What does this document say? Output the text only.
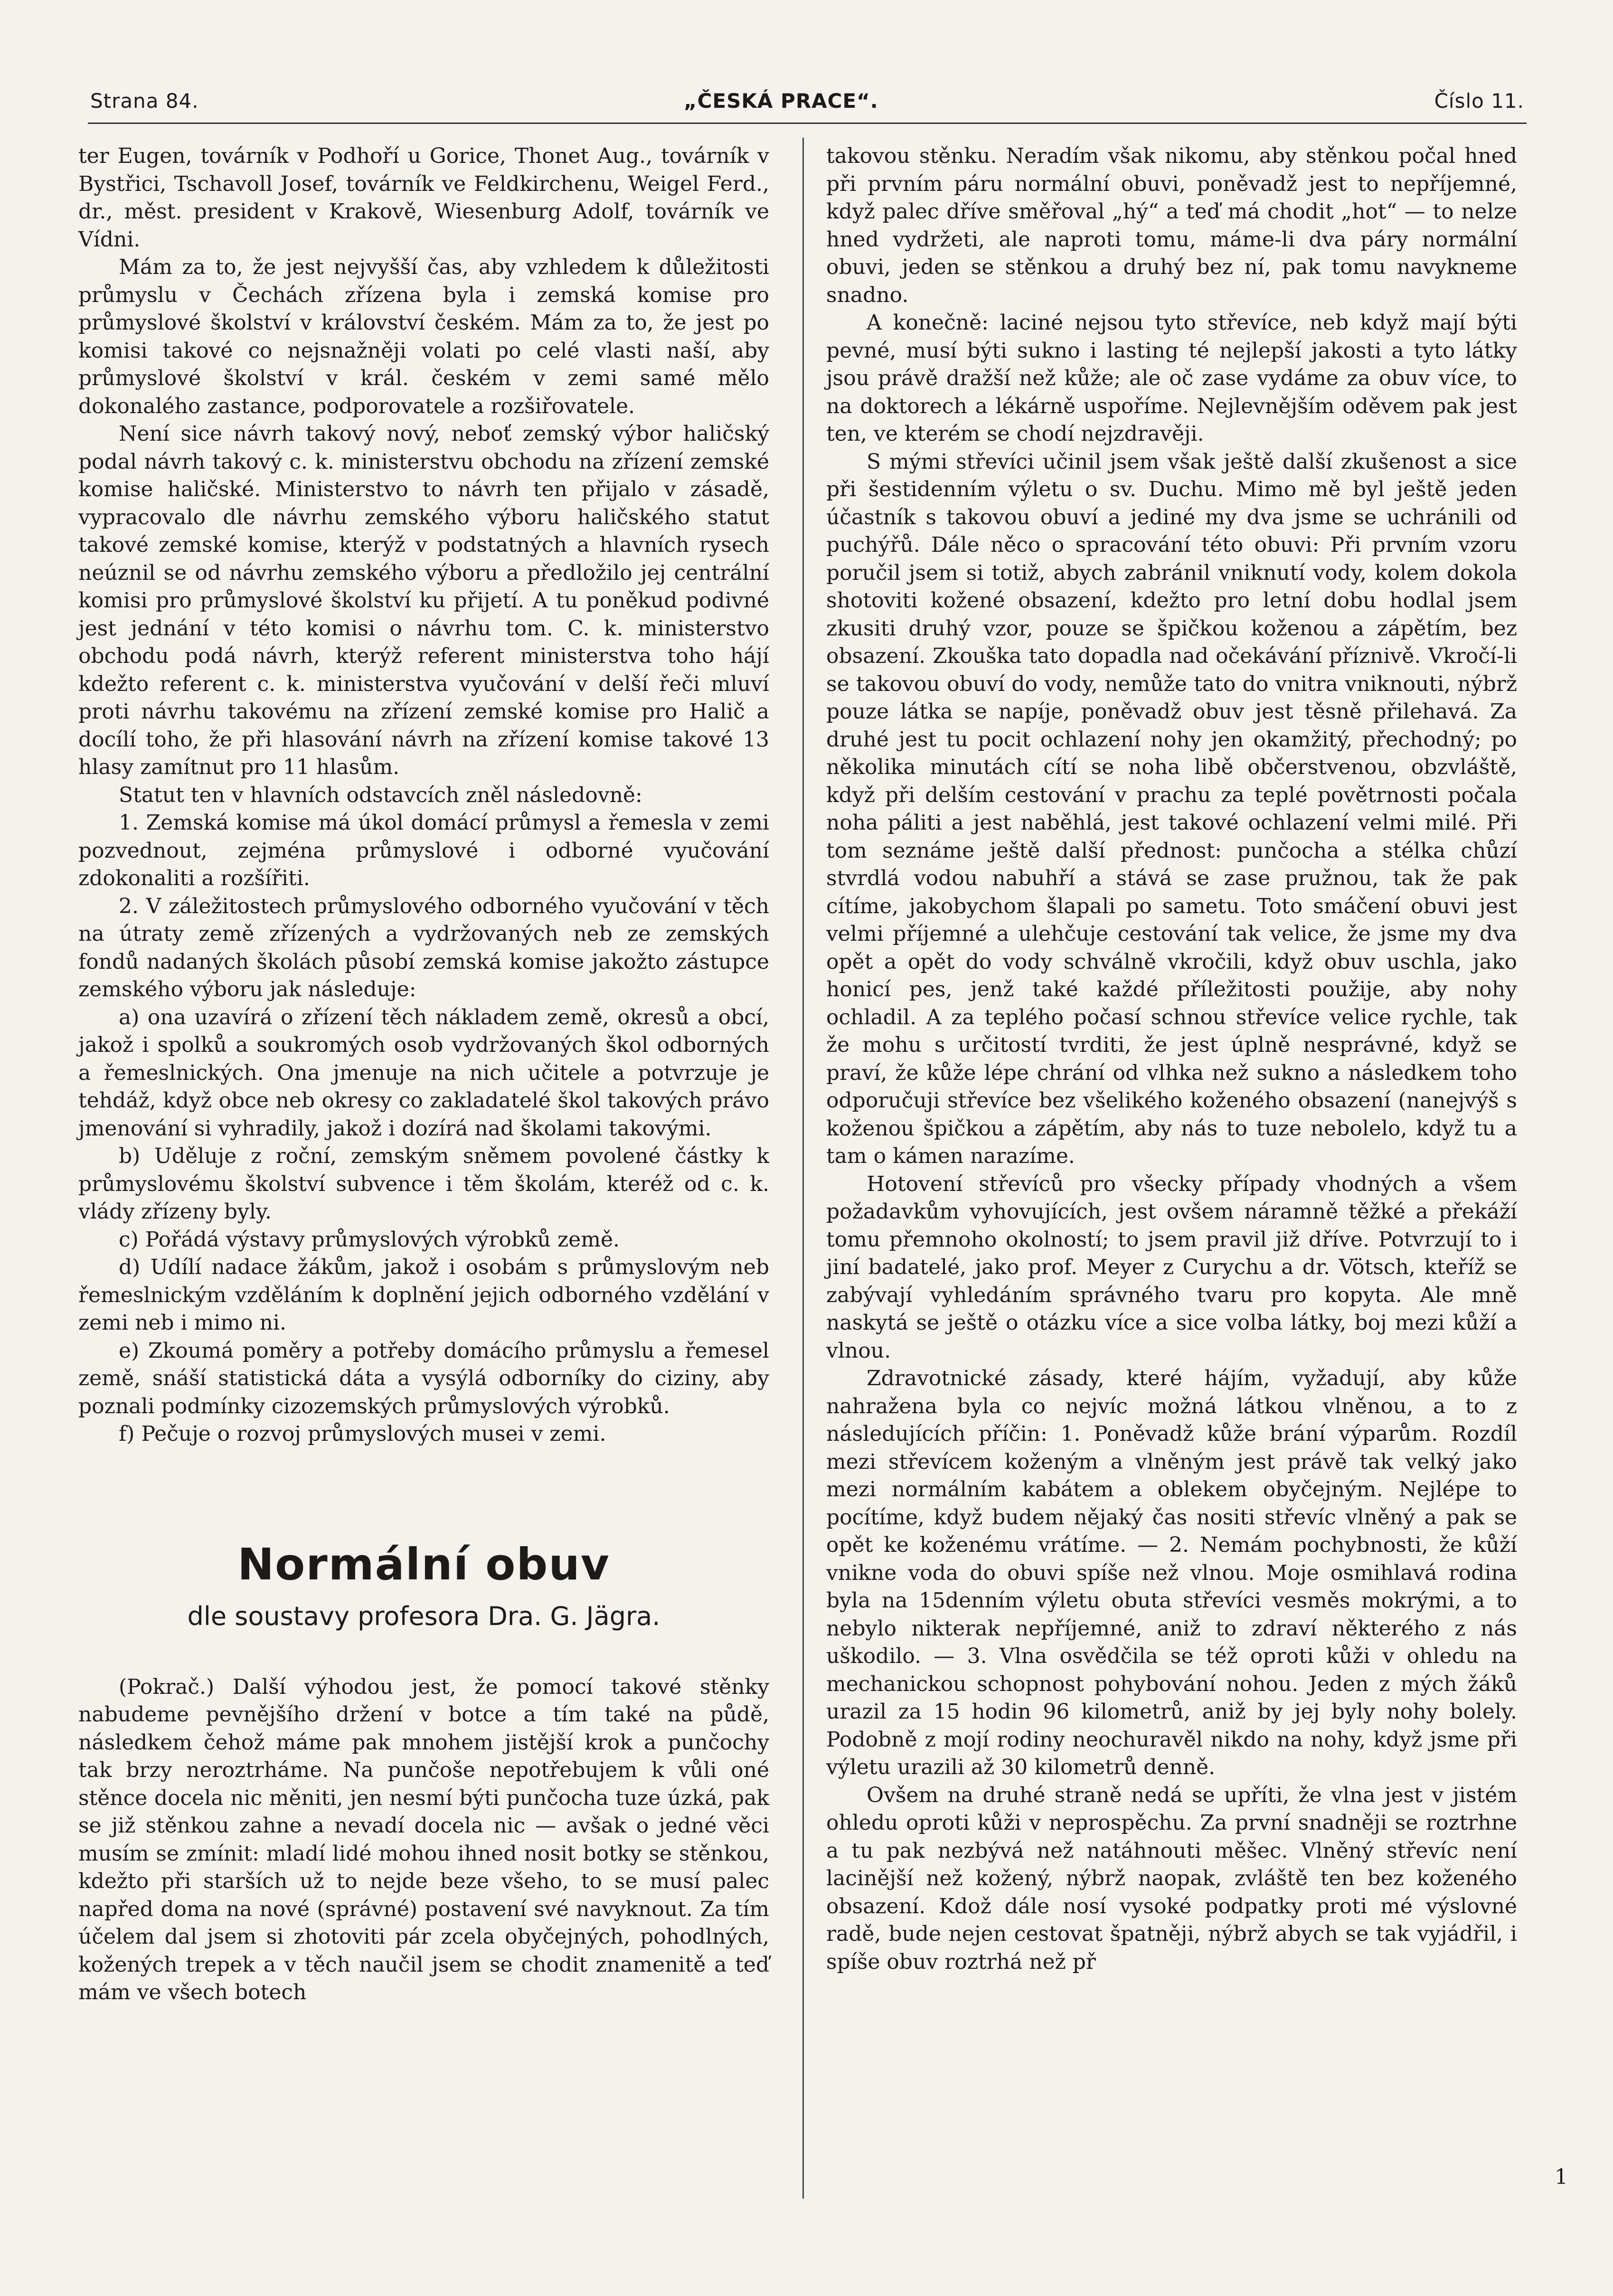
Strana 84.	„ČESKÁ PRACE“.	Číslo 11.

ter Eugen, továrník v Podhoří u Gorice, Thonet Aug., továrník v Bystřici, Tschavoll Josef, továrník ve Feldkirchenu, Weigel Ferd., dr., měst. president v Krakově, Wiesenburg Adolf, továrník ve Vídni.

Mám za to, že jest nejvyšší čas, aby vzhledem k důležitosti průmyslu v Čechách zřízena byla i zemská komise pro průmyslové školství v království českém. Mám za to, že jest po komisi takové co nejsnažněji volati po celé vlasti naší, aby průmyslové školství v král. českém v zemi samé mělo dokonalého zastance, podporovatele a rozšiřovatele.

Není sice návrh takový nový, neboť zemský výbor haličský podal návrh takový c. k. ministerstvu obchodu na zřízení zemské komise haličské. Ministerstvo to návrh ten přijalo v zásadě, vypracovalo dle návrhu zemského výboru haličského statut takové zemské komise, kterýž v podstatných a hlavních rysech neúznil se od návrhu zemského výboru a předložilo jej centrální komisi pro průmyslové školství ku přijetí. A tu poněkud podivné jest jednání v této komisi o návrhu tom. C. k. ministerstvo obchodu podá návrh, kterýž referent ministerstva toho hájí kdežto referent c. k. ministerstva vyučování v delší řeči mluví proti návrhu takovému na zřízení zemské komise pro Halič a docílí toho, že při hlasování návrh na zřízení komise takové 13 hlasy zamítnut pro 11 hlasům.

Statut ten v hlavních odstavcích zněl následovně:

1. Zemská komise má úkol domácí průmysl a řemesla v zemi pozvednout, zejména průmyslové i odborné vyučování zdokonaliti a rozšířiti.

2. V záležitostech průmyslového odborného vyučování v těch na útraty země zřízených a vydržovaných neb ze zemských fondů nadaných školách působí zemská komise jakožto zástupce zemského výboru jak následuje:

a) ona uzavírá o zřízení těch nákladem země, okresů a obcí, jakož i spolků a soukromých osob vydržovaných škol odborných a řemeslnických. Ona jmenuje na nich učitele a potvrzuje je tehdáž, když obce neb okresy co zakladatelé škol takových právo jmenování si vyhradily, jakož i dozírá nad školami takovými.

b) Uděluje z roční, zemským sněmem povolené částky k průmyslovému školství subvence i těm školám, kteréž od c. k. vlády zřízeny byly.

c) Pořádá výstavy průmyslových výrobků země.

d) Udílí nadace žákům, jakož i osobám s průmyslovým neb řemeslnickým vzděláním k doplnění jejich odborného vzdělání v zemi neb i mimo ni.

e) Zkoumá poměry a potřeby domácího průmyslu a řemesel země, snáší statistická dáta a vysýlá odborníky do ciziny, aby poznali podmínky cizozemských průmyslových výrobků.

f) Pečuje o rozvoj průmyslových musei v zemi.

Normální obuv
dle soustavy profesora Dra. G. Jägra.

(Pokrač.) Další výhodou jest, že pomocí takové stěnky nabudeme pevnějšího držení v botce a tím také na půdě, následkem čehož máme pak mnohem jistější krok a punčochy tak brzy neroztrháme. Na punčoše nepotřebujem k vůli oné stěnce docela nic měniti, jen nesmí býti punčocha tuze úzká, pak se již stěnkou zahne a nevadí docela nic — avšak o jedné věci musím se zmínit: mladí lidé mohou ihned nosit botky se stěnkou, kdežto při starších už to nejde beze všeho, to se musí palec napřed doma na nové (správné) postavení své navyknout. Za tím účelem dal jsem si zhotoviti pár zcela obyčejných, pohodlných, kožených trepek a v těch naučil jsem se chodit znamenitě a teď mám ve všech botech

takovou stěnku. Neradím však nikomu, aby stěnkou počal hned při prvním páru normální obuvi, poněvadž jest to nepříjemné, když palec dříve směřoval „hý“ a teď má chodit „hot“ — to nelze hned vydržeti, ale naproti tomu, máme-li dva páry normální obuvi, jeden se stěnkou a druhý bez ní, pak tomu navykneme snadno.

A konečně: laciné nejsou tyto střevíce, neb když mají býti pevné, musí býti sukno i lasting té nejlepší jakosti a tyto látky jsou právě dražší než kůže; ale oč zase vydáme za obuv více, to na doktorech a lékárně uspoříme. Nejlevnějším oděvem pak jest ten, ve kterém se chodí nejzdravěji.

S mými střevíci učinil jsem však ještě další zkušenost a sice při šestidenním výletu o sv. Duchu. Mimo mě byl ještě jeden účastník s takovou obuví a jediné my dva jsme se uchránili od puchýřů. Dále něco o spracování této obuvi: Při prvním vzoru poručil jsem si totiž, abych zabránil vniknutí vody, kolem dokola shotoviti kožené obsazení, kdežto pro letní dobu hodlal jsem zkusiti druhý vzor, pouze se špičkou koženou a zápětím, bez obsazení. Zkouška tato dopadla nad očekávání příznivě. Vkročí-li se takovou obuví do vody, nemůže tato do vnitra vniknouti, nýbrž pouze látka se napíje, poněvadž obuv jest těsně přilehavá. Za druhé jest tu pocit ochlazení nohy jen okamžitý, přechodný; po několika minutách cítí se noha libě občerstvenou, obzvláště, když při delším cestování v prachu za teplé povětrnosti počala noha páliti a jest naběhlá, jest takové ochlazení velmi milé. Při tom seznáme ještě další přednost: punčocha a stélka chůzí stvrdlá vodou nabuhří a stává se zase pružnou, tak že pak cítíme, jakobychom šlapali po sametu. Toto smáčení obuvi jest velmi příjemné a ulehčuje cestování tak velice, že jsme my dva opět a opět do vody schválně vkročili, když obuv uschla, jako honicí pes, jenž také každé příležitosti použije, aby nohy ochladil. A za teplého počasí schnou střevíce velice rychle, tak že mohu s určitostí tvrditi, že jest úplně nesprávné, když se praví, že kůže lépe chrání od vlhka než sukno a následkem toho odporučuji střevíce bez všelikého koženého obsazení (nanejvýš s koženou špičkou a zápětím, aby nás to tuze nebolelo, když tu a tam o kámen narazíme.

Hotovení střevíců pro všecky případy vhodných a všem požadavkům vyhovujících, jest ovšem náramně těžké a překáží tomu přemnoho okolností; to jsem pravil již dříve. Potvrzují to i jiní badatelé, jako prof. Meyer z Curychu a dr. Vötsch, kteříž se zabývají vyhledáním správného tvaru pro kopyta. Ale mně naskytá se ještě o otázku více a sice volba látky, boj mezi kůží a vlnou.

Zdravotnické zásady, které hájím, vyžadují, aby kůže nahražena byla co nejvíc možná látkou vlněnou, a to z následujících příčin: 1. Poněvadž kůže brání výparům. Rozdíl mezi střevícem koženým a vlněným jest právě tak velký jako mezi normálním kabátem a oblekem obyčejným. Nejlépe to pocítíme, když budem nějaký čas nositi střevíc vlněný a pak se opět ke koženému vrátíme. — 2. Nemám pochybnosti, že kůží vnikne voda do obuvi spíše než vlnou. Moje osmihlavá rodina byla na 15denním výletu obuta střevíci vesměs mokrými, a to nebylo nikterak nepříjemné, aniž to zdraví některého z nás uškodilo. — 3. Vlna osvědčila se též oproti kůži v ohledu na mechanickou schopnost pohybování nohou. Jeden z mých žáků urazil za 15 hodin 96 kilometrů, aniž by jej byly nohy bolely. Podobně z mojí rodiny neochuravěl nikdo na nohy, když jsme při výletu urazili až 30 kilometrů denně.

Ovšem na druhé straně nedá se upříti, že vlna jest v jistém ohledu oproti kůži v neprospěchu. Za první snadněji se roztrhne a tu pak nezbývá než natáhnouti měšec. Vlněný střevíc není lacinější než kožený, nýbrž naopak, zvláště ten bez koženého obsazení. Kdož dále nosí vysoké podpatky proti mé výslovné radě, bude nejen cestovat špatněji, nýbrž abych se tak vyjádřil, i spíše obuv roztrhá než př

1
